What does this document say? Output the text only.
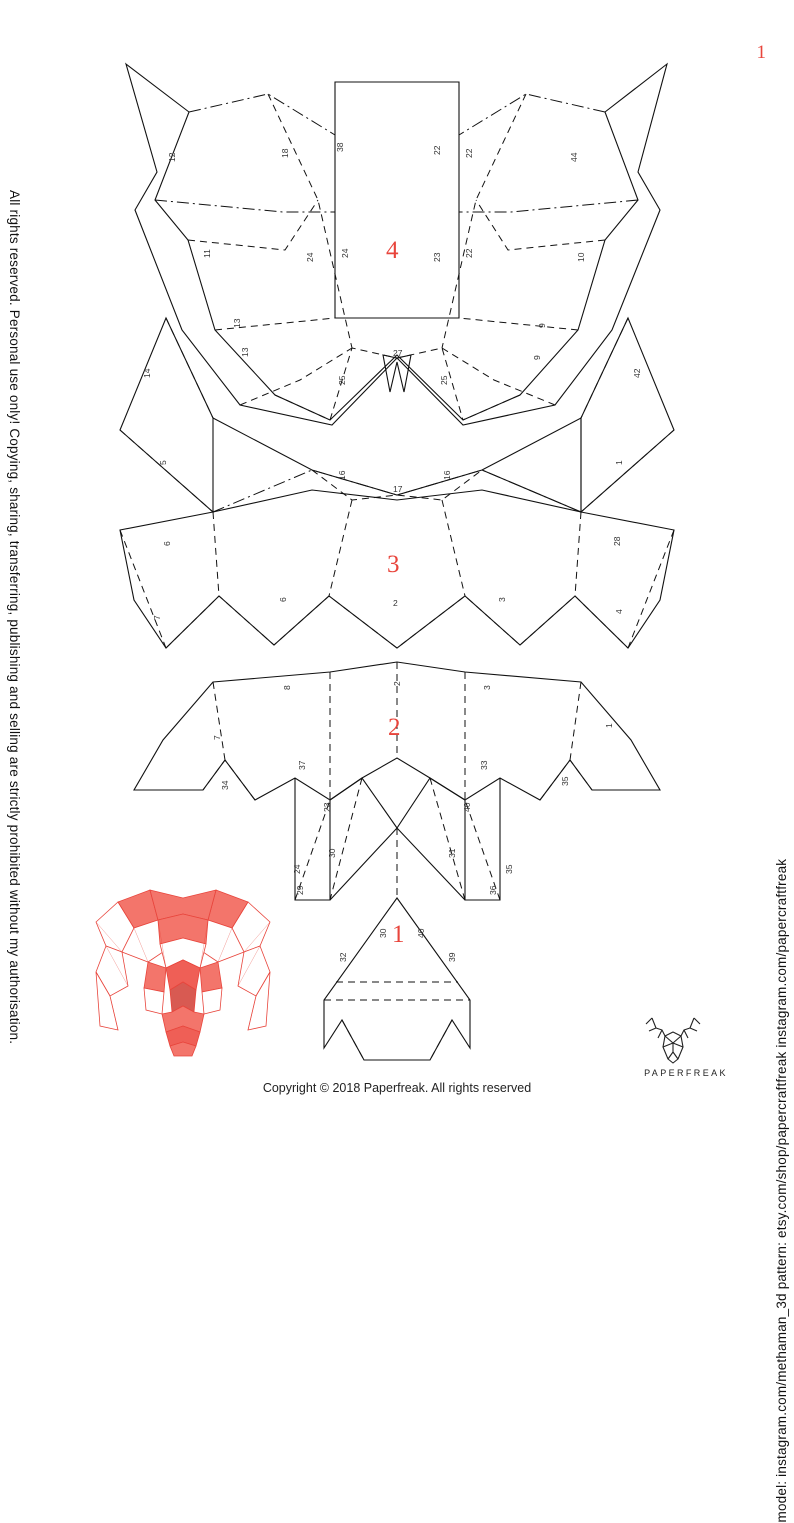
1
All rights reserved. Personal use only! Copying, sharing, transferring, publishing and selling are strictly prohibited without my authorisation.
model: instagram.com/methaman_3d pattern: etsy.com/shop/papercraftfreak instagram.com/papercraftfreak
12	18
38	22	22	44
11	24	24	23	22	10
13
13
9
9
27
25	25
4
14
5
6
7
16
17
16
6	2	3
4
28
1
42
3
8
7
2
3
1
34
37	33
35
23	40
24
30	31
35
29	36
2
30	40
32	39
1
Copyright © 2018 Paperfreak. All rights reserved
PAPERFREAK
